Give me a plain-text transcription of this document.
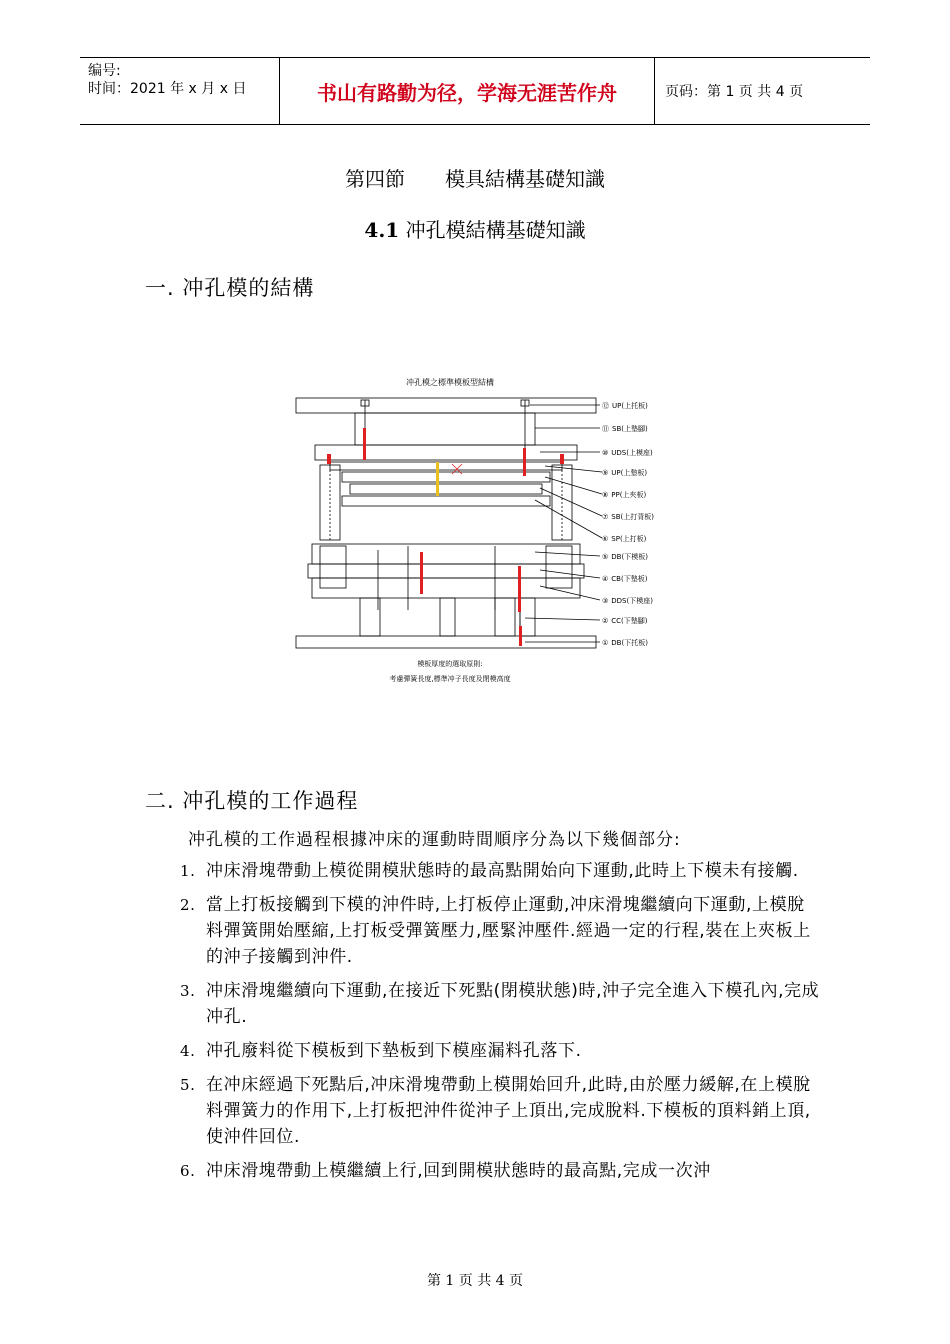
编号:
时间：2021 年 x 月 x 日	书山有路勤为径，学海无涯苦作舟	页码：第 1 页 共 4 页
第四節 模具結構基礎知識
4.1 冲孔模結構基礎知識
一. 冲孔模的結構
冲孔模之標準模板型結構
⑫ UP(上托板)
⑪ SB(上墊腳)
⑩ UDS(上模座)
⑨ UP(上墊板)
⑧ PP(上夾板)
⑦ SB(上打背板)
⑥ SP(上打板)
⑤ DB(下模板)
④ CB(下墊板)
③ DDS(下模座)
② CC(下墊腳)
① DB(下托板)
模板厚度的選取原則:
考慮彈簧長度,標準冲子長度及閉模高度
二. 冲孔模的工作過程
冲孔模的工作過程根據冲床的運動時間順序分為以下幾個部分:
1. 冲床滑塊帶動上模從開模狀態時的最高點開始向下運動,此時上下模未有接觸.
2. 當上打板接觸到下模的沖件時,上打板停止運動,冲床滑塊繼續向下運動,上模脫料彈簧開始壓縮,上打板受彈簧壓力,壓緊沖壓件.經過一定的行程,裝在上夾板上的沖子接觸到沖件.
3. 冲床滑塊繼續向下運動,在接近下死點(閉模狀態)時,沖子完全進入下模孔內,完成冲孔.
4. 冲孔廢料從下模板到下墊板到下模座漏料孔落下.
5. 在冲床經過下死點后,冲床滑塊帶動上模開始回升,此時,由於壓力緩解,在上模脫料彈簧力的作用下,上打板把沖件從沖子上頂出,完成脫料.下模板的頂料銷上頂,使沖件回位.
6. 冲床滑塊帶動上模繼續上行,回到開模狀態時的最高點,完成一次沖
第 1 页 共 4 页
